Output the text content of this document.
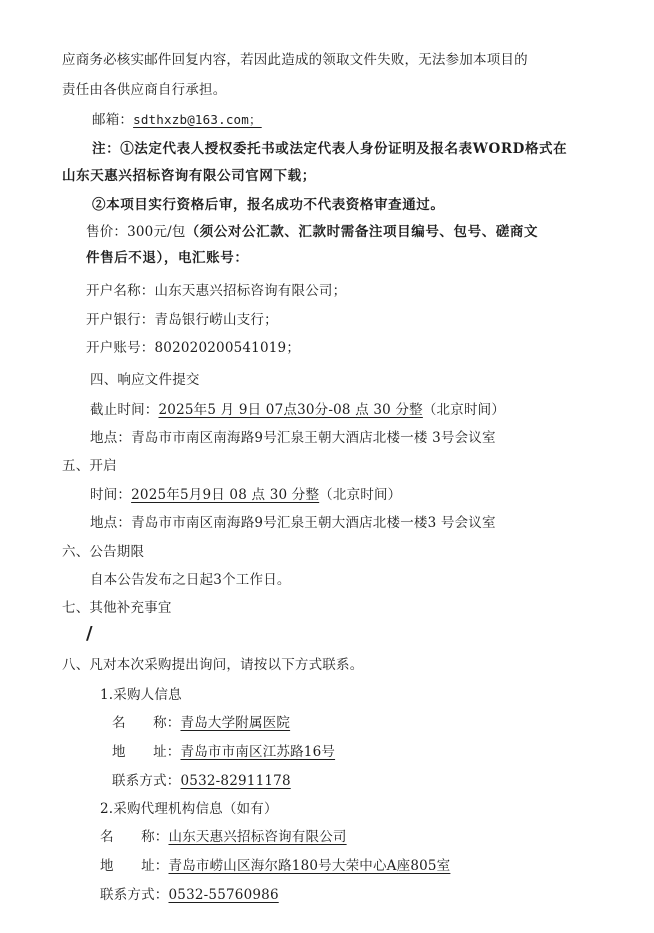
应商务必核实邮件回复内容，若因此造成的领取文件失败，无法参加本项目的
责任由各供应商自行承担。
邮箱：sdthxzb@163.com；
注：①法定代表人授权委托书或法定代表人身份证明及报名表WORD格式在
山东天惠兴招标咨询有限公司官网下载；
②本项目实行资格后审，报名成功不代表资格审查通过。
售价：300元/包（须公对公汇款、汇款时需备注项目编号、包号、磋商文
件售后不退），电汇账号：
开户名称：山东天惠兴招标咨询有限公司；
开户银行：青岛银行崂山支行；
开户账号：802020200541019；
四、响应文件提交
截止时间：2025年5 月 9日 07点30分-08 点 30 分整（北京时间）
地点：青岛市市南区南海路9号汇泉王朝大酒店北楼一楼 3号会议室
五、开启
时间：2025年5月9日 08 点 30 分整（北京时间）
地点：青岛市市南区南海路9号汇泉王朝大酒店北楼一楼3 号会议室
六、公告期限
自本公告发布之日起3个工作日。
七、其他补充事宜
/
八、凡对本次采购提出询问，请按以下方式联系。
1.采购人信息
名　　称：青岛大学附属医院
地　　址：青岛市市南区江苏路16号
联系方式：0532-82911178
2.采购代理机构信息（如有）
名　　称：山东天惠兴招标咨询有限公司
地　　址：青岛市崂山区海尔路180号大荣中心A座805室
联系方式：0532-55760986
